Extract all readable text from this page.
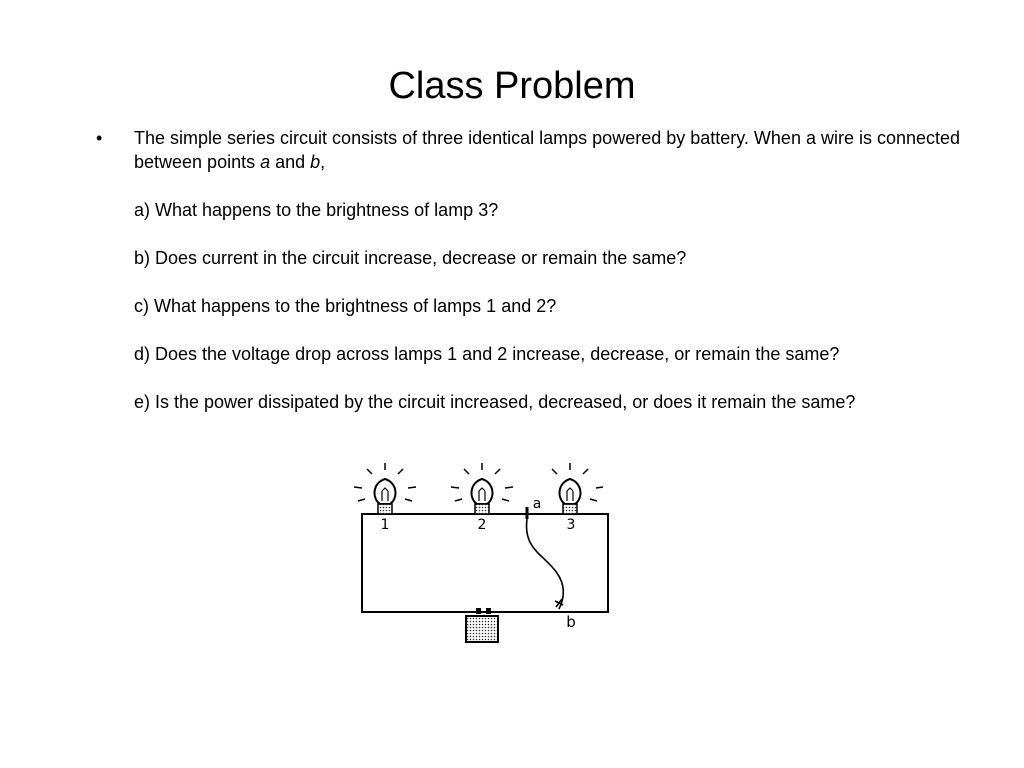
Class Problem
• The simple series circuit consists of three identical lamps powered by battery. When a wire is connected between points a and b,

a) What happens to the brightness of lamp 3?

b) Does current in the circuit increase, decrease or remain the same?

c) What happens to the brightness of lamps 1 and 2?

d) Does the voltage drop across lamps 1 and 2 increase, decrease, or remain the same?

e) Is the power dissipated by the circuit increased, decreased, or does it remain the same?

1	2	3
a
b
